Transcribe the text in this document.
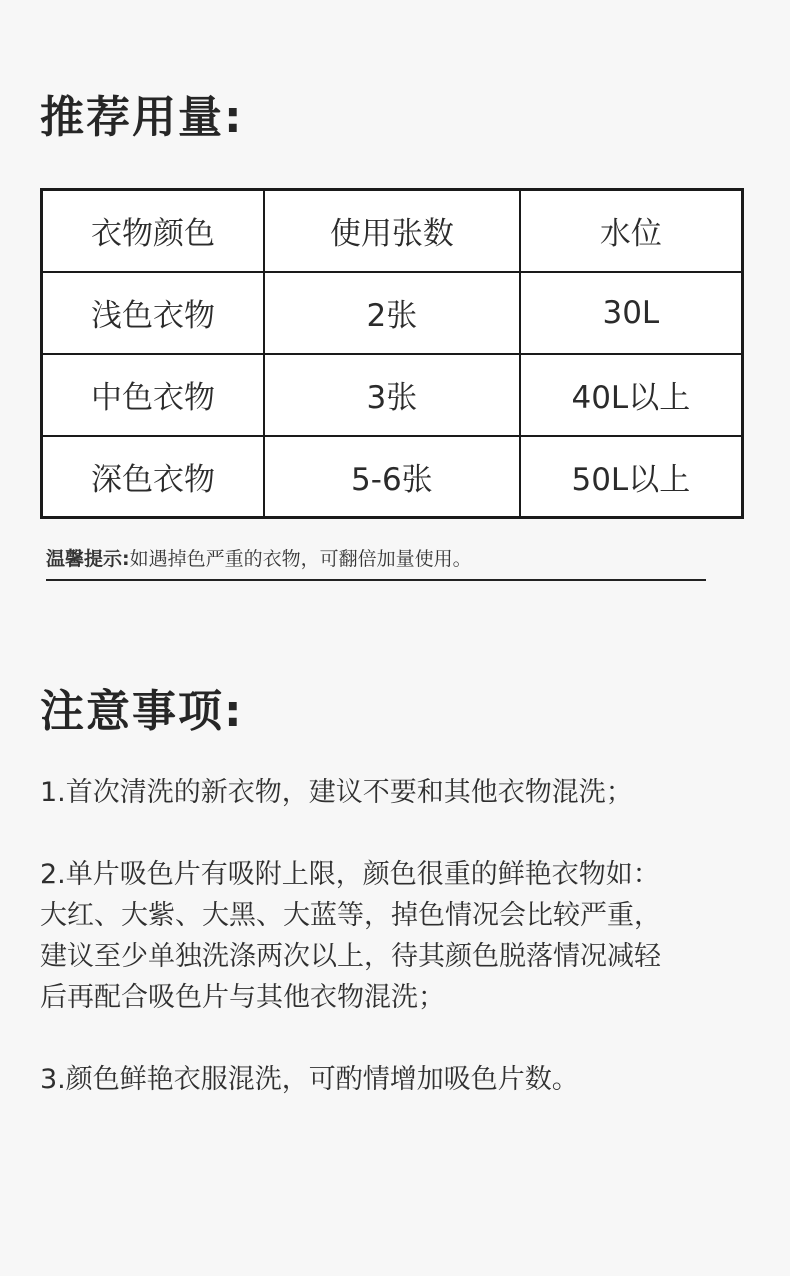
推荐用量:
衣物颜色	使用张数	水位
浅色衣物	2张	30L
中色衣物	3张	40L以上
深色衣物	5-6张	50L以上
温馨提示:如遇掉色严重的衣物，可翻倍加量使用。
注意事项:

1.首次清洗的新衣物，建议不要和其他衣物混洗；

2.单片吸色片有吸附上限，颜色很重的鲜艳衣物如：
大红、大紫、大黑、大蓝等，掉色情况会比较严重，
建议至少单独洗涤两次以上，待其颜色脱落情况减轻
后再配合吸色片与其他衣物混洗；

3.颜色鲜艳衣服混洗，可酌情增加吸色片数。
